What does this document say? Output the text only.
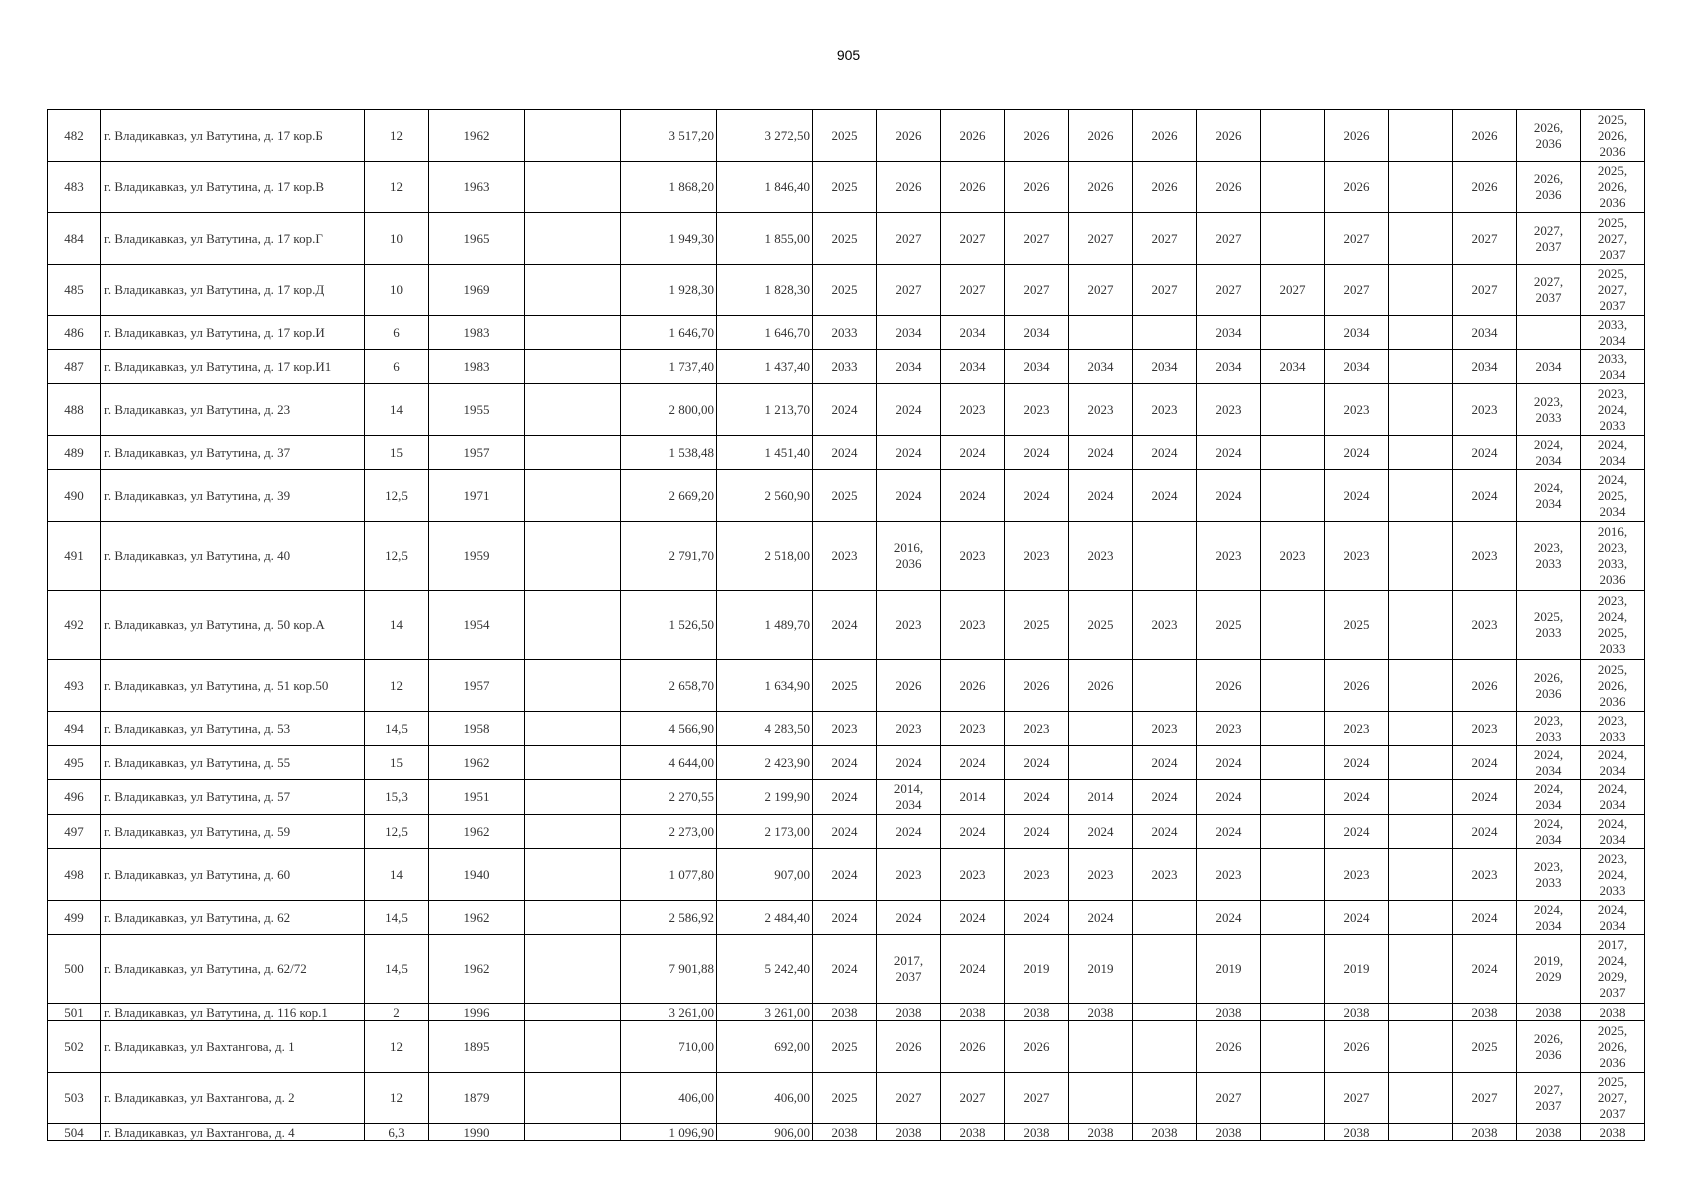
905
482	г. Владикавказ, ул Ватутина, д. 17 кор.Б	12	1962		3 517,20	3 272,50	2025	2026	2026	2026	2026	2026	2026		2026		2026	2026,
2036	2025,
2026,
2036
483	г. Владикавказ, ул Ватутина, д. 17 кор.В	12	1963		1 868,20	1 846,40	2025	2026	2026	2026	2026	2026	2026		2026		2026	2026,
2036	2025,
2026,
2036
484	г. Владикавказ, ул Ватутина, д. 17 кор.Г	10	1965		1 949,30	1 855,00	2025	2027	2027	2027	2027	2027	2027		2027		2027	2027,
2037	2025,
2027,
2037
485	г. Владикавказ, ул Ватутина, д. 17 кор.Д	10	1969		1 928,30	1 828,30	2025	2027	2027	2027	2027	2027	2027	2027	2027		2027	2027,
2037	2025,
2027,
2037
486	г. Владикавказ, ул Ватутина, д. 17 кор.И	6	1983		1 646,70	1 646,70	2033	2034	2034	2034			2034		2034		2034		2033,
2034
487	г. Владикавказ, ул Ватутина, д. 17 кор.И1	6	1983		1 737,40	1 437,40	2033	2034	2034	2034	2034	2034	2034	2034	2034		2034	2034	2033,
2034
488	г. Владикавказ, ул Ватутина, д. 23	14	1955		2 800,00	1 213,70	2024	2024	2023	2023	2023	2023	2023		2023		2023	2023,
2033	2023,
2024,
2033
489	г. Владикавказ, ул Ватутина, д. 37	15	1957		1 538,48	1 451,40	2024	2024	2024	2024	2024	2024	2024		2024		2024	2024,
2034	2024,
2034
490	г. Владикавказ, ул Ватутина, д. 39	12,5	1971		2 669,20	2 560,90	2025	2024	2024	2024	2024	2024	2024		2024		2024	2024,
2034	2024,
2025,
2034
491	г. Владикавказ, ул Ватутина, д. 40	12,5	1959		2 791,70	2 518,00	2023	2016,
2036	2023	2023	2023		2023	2023	2023		2023	2023,
2033	2016,
2023,
2033,
2036
492	г. Владикавказ, ул Ватутина, д. 50 кор.А	14	1954		1 526,50	1 489,70	2024	2023	2023	2025	2025	2023	2025		2025		2023	2025,
2033	2023,
2024,
2025,
2033
493	г. Владикавказ, ул Ватутина, д. 51 кор.50	12	1957		2 658,70	1 634,90	2025	2026	2026	2026	2026		2026		2026		2026	2026,
2036	2025,
2026,
2036
494	г. Владикавказ, ул Ватутина, д. 53	14,5	1958		4 566,90	4 283,50	2023	2023	2023	2023		2023	2023		2023		2023	2023,
2033	2023,
2033
495	г. Владикавказ, ул Ватутина, д. 55	15	1962		4 644,00	2 423,90	2024	2024	2024	2024		2024	2024		2024		2024	2024,
2034	2024,
2034
496	г. Владикавказ, ул Ватутина, д. 57	15,3	1951		2 270,55	2 199,90	2024	2014,
2034	2014	2024	2014	2024	2024		2024		2024	2024,
2034	2024,
2034
497	г. Владикавказ, ул Ватутина, д. 59	12,5	1962		2 273,00	2 173,00	2024	2024	2024	2024	2024	2024	2024		2024		2024	2024,
2034	2024,
2034
498	г. Владикавказ, ул Ватутина, д. 60	14	1940		1 077,80	907,00	2024	2023	2023	2023	2023	2023	2023		2023		2023	2023,
2033	2023,
2024,
2033
499	г. Владикавказ, ул Ватутина, д. 62	14,5	1962		2 586,92	2 484,40	2024	2024	2024	2024	2024		2024		2024		2024	2024,
2034	2024,
2034
500	г. Владикавказ, ул Ватутина, д. 62/72	14,5	1962		7 901,88	5 242,40	2024	2017,
2037	2024	2019	2019		2019		2019		2024	2019,
2029	2017,
2024,
2029,
2037
501	г. Владикавказ, ул Ватутина, д. 116 кор.1	2	1996		3 261,00	3 261,00	2038	2038	2038	2038	2038		2038		2038		2038	2038	2038
502	г. Владикавказ, ул Вахтангова, д. 1	12	1895		710,00	692,00	2025	2026	2026	2026			2026		2026		2025	2026,
2036	2025,
2026,
2036
503	г. Владикавказ, ул Вахтангова, д. 2	12	1879		406,00	406,00	2025	2027	2027	2027			2027		2027		2027	2027,
2037	2025,
2027,
2037
504	г. Владикавказ, ул Вахтангова, д. 4	6,3	1990		1 096,90	906,00	2038	2038	2038	2038	2038	2038	2038		2038		2038	2038	2038
